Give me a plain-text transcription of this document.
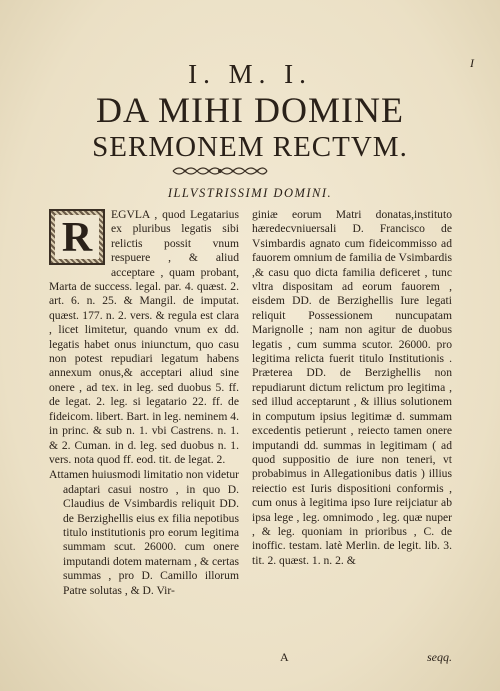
I
I. M. I.
DA MIHI DOMINE
SERMONEM RECTVM.
ILLVSTRISSIMI DOMINI.
R

EGVLA , quod Legatarius ex pluribus legatis sibi relictis possit vnum respuere , & aliud acceptare , quam probant, Marta de success. legal. par. 4. quæst. 2. art. 6. n. 25. & Mangil. de imputat. quæst. 177. n. 2. vers. & regula est clara , licet limitetur, quando vnum ex dd. legatis habet onus iniunctum, quo casu non potest repudiari legatum habens annexum onus,& acceptari aliud sine onere , ad tex. in leg. sed duobus 5. ff. de legat. 2. leg. si legatario 22. ff. de fideicom. libert. Bart. in leg. neminem 4. in princ. & sub n. 1. vbi Castrens. n. 1. & 2. Cuman. in d. leg. sed duobus n. 1. vers. nota quod ff. eod. tit. de legat. 2.

Attamen huiusmodi limitatio non videtur adaptari casui nostro , in quo D. Claudius de Vsimbardis reliquit DD. de Berzighellis eius ex filia nepotibus titulo institutionis pro eorum legitima summam scut. 26000. cum onere imputandi dotem maternam , & certas summas , pro D. Camillo illorum Patre solutas , & D. Vir-

giniæ eorum Matri donatas,instituto hæredecvniuersali D. Francisco de Vsimbardis agnato cum fideicommisso ad fauorem omnium de familia de Vsimbardis ,& casu quo dicta familia deficeret , tunc vltra dispositam ad eorum fauorem , eisdem DD. de Berzighellis Iure legati reliquit Possessionem nuncupatam Marignolle ; nam non agitur de duobus legatis , cum summa scutor. 26000. pro legitima relicta fuerit titulo Institutionis . Præterea DD. de Berzighellis non repudiarunt dictum relictum pro legitima , sed illud acceptarunt , & illius solutionem in computum ipsius legitimæ d. summam excedentis petierunt , reiecto tamen onere imputandi dd. summas in legitimam ( ad quod suppositio de iure non teneri, vt probabimus in Allegationibus datis ) illius reiectio est Iuris dispositioni conformis , cum onus à legitima ipso Iure reijciatur ab ipsa lege , leg. omnimodo , leg. quæ nuper , & leg. quoniam in prioribus , C. de inoffic. testam. latè Merlin. de legit. lib. 3. tit. 2. quæst. 1. n. 2. &

A	seqq.
